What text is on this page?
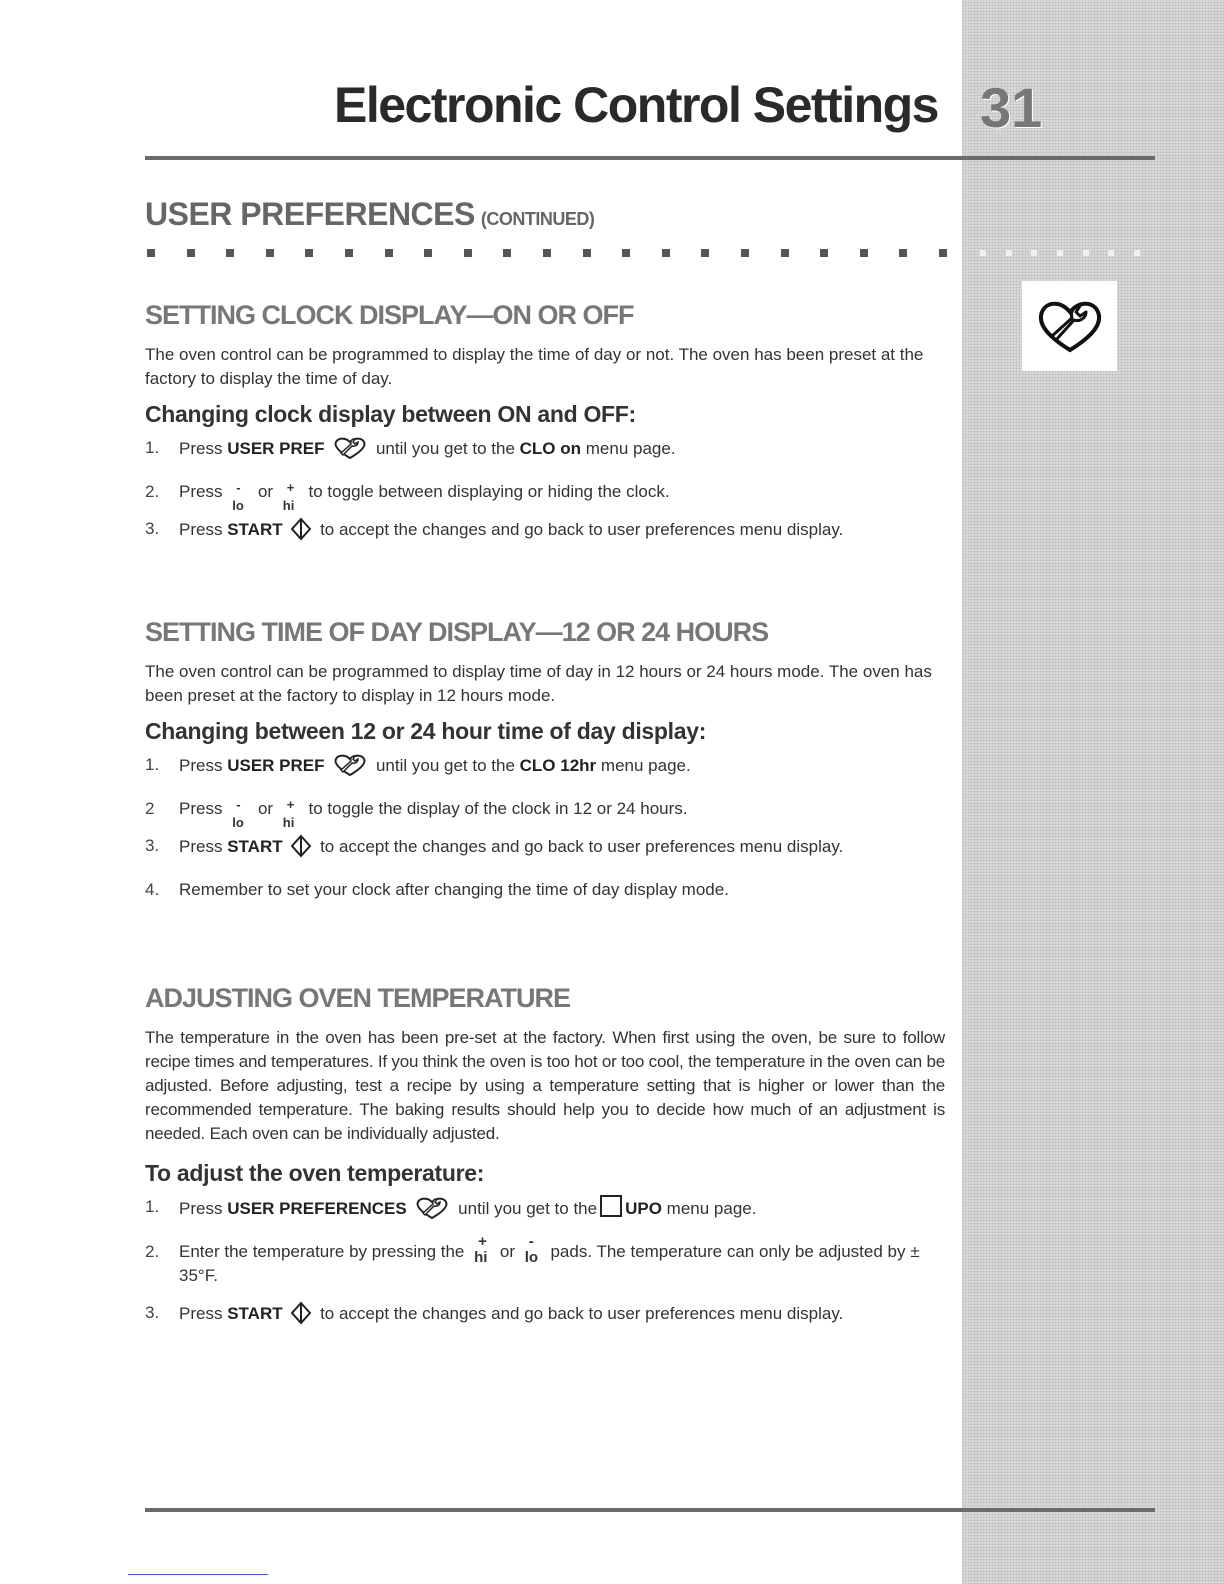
Electronic Control Settings 31
USER PREFERENCES (CONTINUED)
SETTING CLOCK DISPLAY—ON OR OFF

The oven control can be programmed to display the time of day or not. The oven has been preset at the factory to display the time of day.

Changing clock display between ON and OFF:
1. Press USER PREF	until you get to the CLO on menu page.
2. Press -
lo
or +
hi
to toggle between displaying or hiding the clock.
3. Press START to accept the changes and go back to user preferences menu display.
SETTING TIME OF DAY DISPLAY—12 OR 24 HOURS

The oven control can be programmed to display time of day in 12 hours or 24 hours mode. The oven has been preset at the factory to display in 12 hours mode.

Changing between 12 or 24 hour time of day display:
1. Press USER PREF	until you get to the CLO 12hr menu page.
2 Press -
lo
or +
hi
to toggle the display of the clock in 12 or 24 hours.
3. Press START to accept the changes and go back to user preferences menu display.
4. Remember to set your clock after changing the time of day display mode.
ADJUSTING OVEN TEMPERATURE

The temperature in the oven has been pre-set at the factory. When first using the oven, be sure to follow recipe times and temperatures. If you think the oven is too hot or too cool, the temperature in the oven can be adjusted. Before adjusting, test a recipe by using a temperature setting that is higher or lower than the recommended temperature. The baking results should help you to decide how much of an adjustment is needed. Each oven can be individually adjusted.

To adjust the oven temperature:
1. Press USER PREFERENCES	until you get to the UPO menu page.
2. Enter the temperature by pressing the
+
hi or
-
lo pads. The temperature can only be adjusted by ± 35°F.
3. Press START to accept the changes and go back to user preferences menu display.
